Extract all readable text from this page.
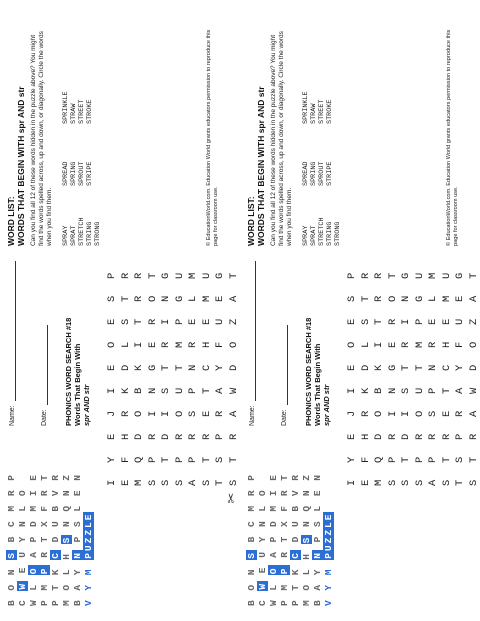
B O N S B C M R P
C W E U Y N L O
W L O A P D M I E
P M P R T X F R T
P T K C D U B V R
M O L H S N Q N Z
B A Y N P S L E N
V Y M PUZZLE
Name:	Date: PHONICS WORD SEARCH #18 Words That Begin With spr AND str I Y E J I E O E S P E F H R K D L S T R M Q D O B K I T R R S P R I N G E R O T S T D I S T R I N G S P R O U T M P G U A P R S P N R E L M S T R E T C H E M U T S P R A Y F U E G S T R A W D O Z A T
WORD LIST: WORDS THAT BEGIN WITH spr AND str Can you find all 12 of these words hidden in the puzzle above? You might find the words spelled across, up and down, or diagonally. Circle the words when you find them. SPRAY
SPREAD
SPRINKLE
SPRAT
SPRING
STRAW
STRETCH
SPROUT
STREET
STRING
STRIPE
STROKE
STRONG	© EducationWorld.com. Education World grants educators permission to reproduce this page for classroom use.
B O N S B C M R P
C W E U Y N L O
W L O A P D M I E
P M P R T X F R T
P T K C D U B V R
M O L H S N Q N Z
B A Y N P S L E N
V Y M PUZZLE
Name:	Date: PHONICS WORD SEARCH #18 Words That Begin With spr AND str I Y E J I E O E S P E F H R K D L S T R M Q D O B K I T R R S P R I N G E R O T S T D I S T R I N G S P R O U T M P G U A P R S P N R E L M S T R E T C H E M U T S P R A Y F U E G S T R A W D O Z A T
WORD LIST: WORDS THAT BEGIN WITH spr AND str Can you find all 12 of these words hidden in the puzzle above? You might find the words spelled across, up and down, or diagonally. Circle the words when you find them. SPRAY
SPREAD
SPRINKLE
SPRAT
SPRING
STRAW
STRETCH
SPROUT
STREET
STRING
STRIPE
STROKE
STRONG	© EducationWorld.com. Education World grants educators permission to reproduce this page for classroom use.
✂
